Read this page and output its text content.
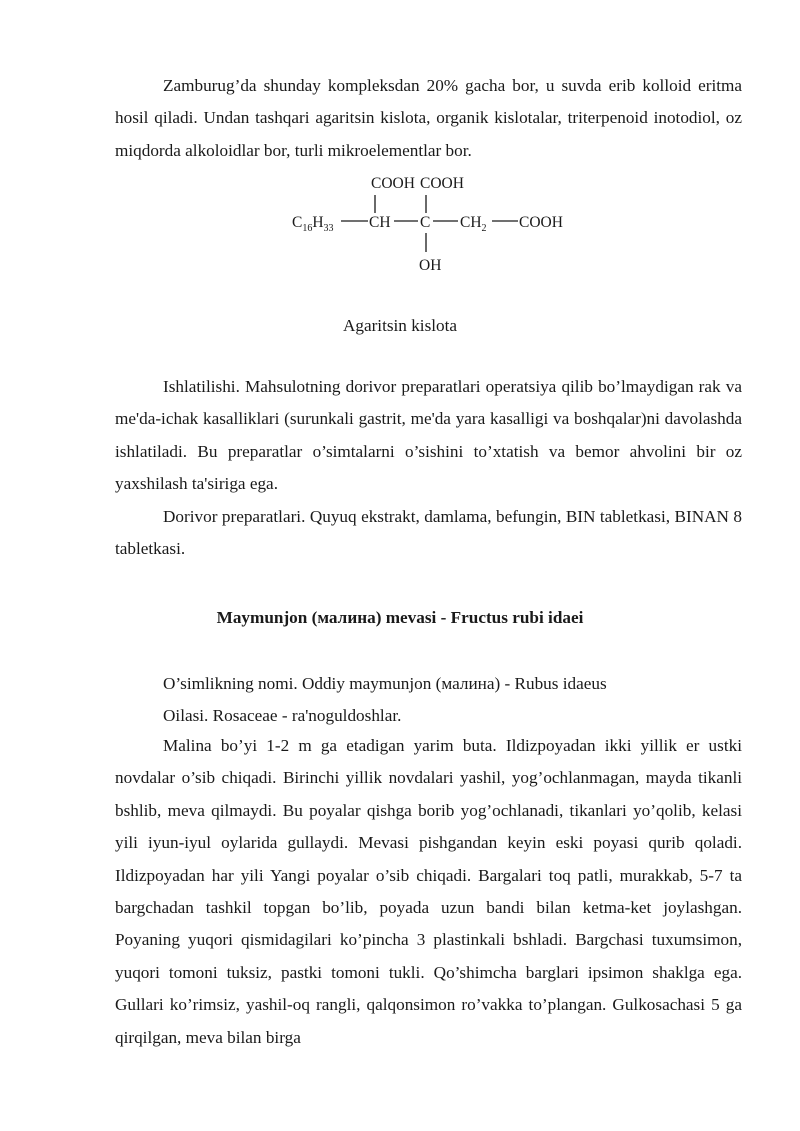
Zamburug’da shunday kompleksdan 20% gacha bor, u suvda erib kolloid eritma hosil qiladi. Undan tashqari agaritsin kislota, organik kislotalar, triterpenoid inotodiol, oz miqdorda alkoloidlar bor, turli mikroelementlar bor.

COOH COOH
$C_{16}H_{33}$ CH C $CH_2$ COOH
OH

Agaritsin kislota

Ishlatilishi. Mahsulotning dorivor preparatlari operatsiya qilib bo’lmaydigan rak va me'da-ichak kasalliklari (surunkali gastrit, me'da yara kasalligi va boshqalar)ni davolashda ishlatiladi. Bu preparatlar o’simtalarni o’sishini to’xtatish va bemor ahvolini bir oz yaxshilash ta'siriga ega.

Dorivor preparatlari. Quyuq ekstrakt, damlama, befungin, BIN tabletkasi, BINAN 8 tabletkasi.

Maymunjon (малина) mevasi - Fructus rubi idaei

O’simlikning nomi. Oddiy maymunjon (малина) - Rubus idaeus

Oilasi. Rosaceae - ra'noguldoshlar.

Malina bo’yi 1-2 m ga etadigan yarim buta. Ildizpoyadan ikki yillik er ustki novdalar o’sib chiqadi. Birinchi yillik novdalari yashil, yog’ochlanmagan, mayda tikanli bshlib, meva qilmaydi. Bu poyalar qishga borib yog’ochlanadi, tikanlari yo’qolib, kelasi yili iyun-iyul oylarida gullaydi. Mevasi pishgandan keyin eski poyasi qurib qoladi. Ildizpoyadan har yili Yangi poyalar o’sib chiqadi. Bargalari toq patli, murakkab, 5-7 ta bargchadan tashkil topgan bo’lib, poyada uzun bandi bilan ketma-ket joylashgan. Poyaning yuqori qismidagilari ko’pincha 3 plastinkali bshladi. Bargchasi tuxumsimon, yuqori tomoni tuksiz, pastki tomoni tukli. Qo’shimcha barglari ipsimon shaklga ega. Gullari ko’rimsiz, yashil-oq rangli, qalqonsimon ro’vakka to’plangan. Gulkosachasi 5 ga qirqilgan, meva bilan birga
